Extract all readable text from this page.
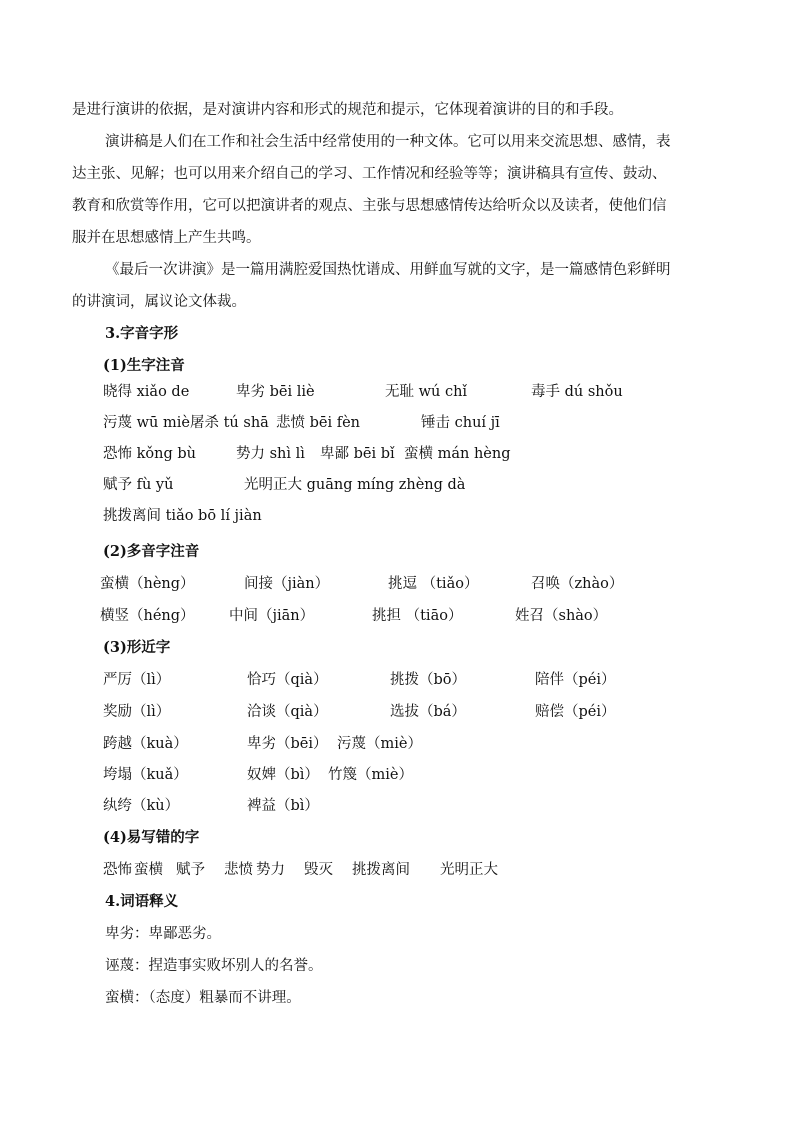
是进行演讲的依据，是对演讲内容和形式的规范和提示，它体现着演讲的目的和手段。
演讲稿是人们在工作和社会生活中经常使用的一种文体。它可以用来交流思想、感情，表
达主张、见解；也可以用来介绍自己的学习、工作情况和经验等等；演讲稿具有宣传、鼓动、
教育和欣赏等作用，它可以把演讲者的观点、主张与思想感情传达给听众以及读者，使他们信
服并在思想感情上产生共鸣。
《最后一次讲演》是一篇用满腔爱国热忱谱成、用鲜血写就的文字，是一篇感情色彩鲜明
的讲演词，属议论文体裁。
3.字音字形
(1)生字注音
晓得 xiǎo de	卑劣 bēi liè	无耻 wú chǐ	毒手 dú shǒu
污蔑 wū miè 屠杀 tú shā 悲愤 bēi fèn	锤击 chuí jī
恐怖 kǒng bù	势力 shì lì 卑鄙 bēi bǐ 蛮横 mán hèng
赋予 fù yǔ	光明正大 guāng míng zhèng dà
挑拨离间 tiǎo bō lí jiàn
(2)多音字注音
蛮横（hèng）	间接（jiàn）	挑逗 （tiǎo）	召唤（zhào）
横竖（héng） 中间（jiān）	挑担 （tiāo）	姓召（shào）
(3)形近字
严厉（lì）	恰巧（qià）	挑拨（bō）	陪伴（péi）
奖励（lì）	洽谈（qià）	选拔（bá）	赔偿（péi）
跨越（kuà）	卑劣（bēi） 污蔑（miè）
垮塌（kuǎ）	奴婢（bì） 竹篾（miè）
纨绔（kù）	裨益（bì）
(4)易写错的字
恐怖 蛮横 赋予 悲愤 势力 毁灭 挑拨离间 光明正大
4.词语释义
卑劣：卑鄙恶劣。
诬蔑：捏造事实败坏别人的名誉。
蛮横：（态度）粗暴而不讲理。
